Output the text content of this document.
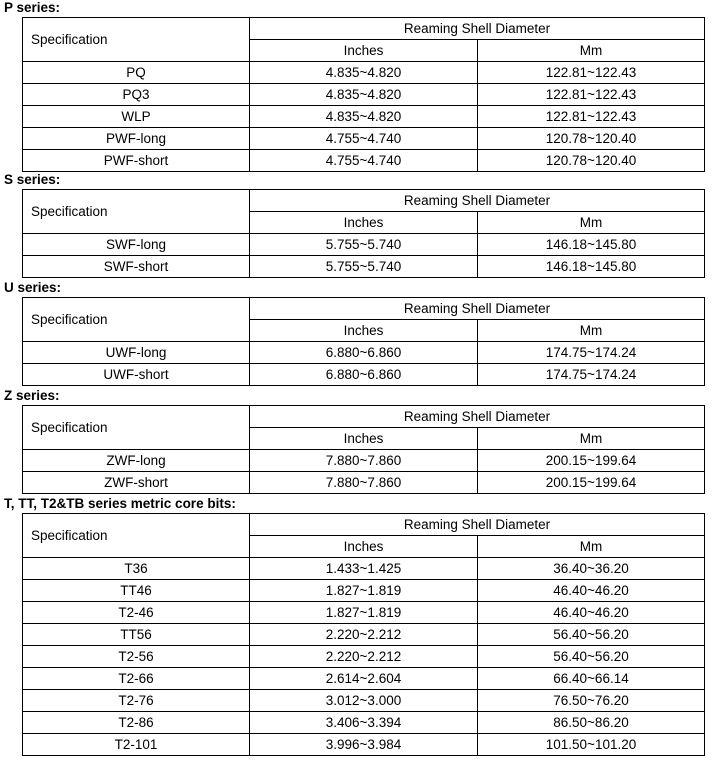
P series:
Specification	Reaming Shell Diameter	
	Inches	Mm
PQ	4.835~4.820	122.81~122.43
PQ3	4.835~4.820	122.81~122.43
WLP	4.835~4.820	122.81~122.43
PWF-long	4.755~4.740	120.78~120.40
PWF-short	4.755~4.740	120.78~120.40
S series:
Specification	Reaming Shell Diameter	
	Inches	Mm
SWF-long	5.755~5.740	146.18~145.80
SWF-short	5.755~5.740	146.18~145.80
U series:
Specification	Reaming Shell Diameter	
	Inches	Mm
UWF-long	6.880~6.860	174.75~174.24
UWF-short	6.880~6.860	174.75~174.24
Z series:
Specification	Reaming Shell Diameter	
	Inches	Mm
ZWF-long	7.880~7.860	200.15~199.64
ZWF-short	7.880~7.860	200.15~199.64
T, TT, T2&TB series metric core bits:
Specification	Reaming Shell Diameter	
	Inches	Mm
T36	1.433~1.425	36.40~36.20
TT46	1.827~1.819	46.40~46.20
T2-46	1.827~1.819	46.40~46.20
TT56	2.220~2.212	56.40~56.20
T2-56	2.220~2.212	56.40~56.20
T2-66	2.614~2.604	66.40~66.14
T2-76	3.012~3.000	76.50~76.20
T2-86	3.406~3.394	86.50~86.20
T2-101	3.996~3.984	101.50~101.20
